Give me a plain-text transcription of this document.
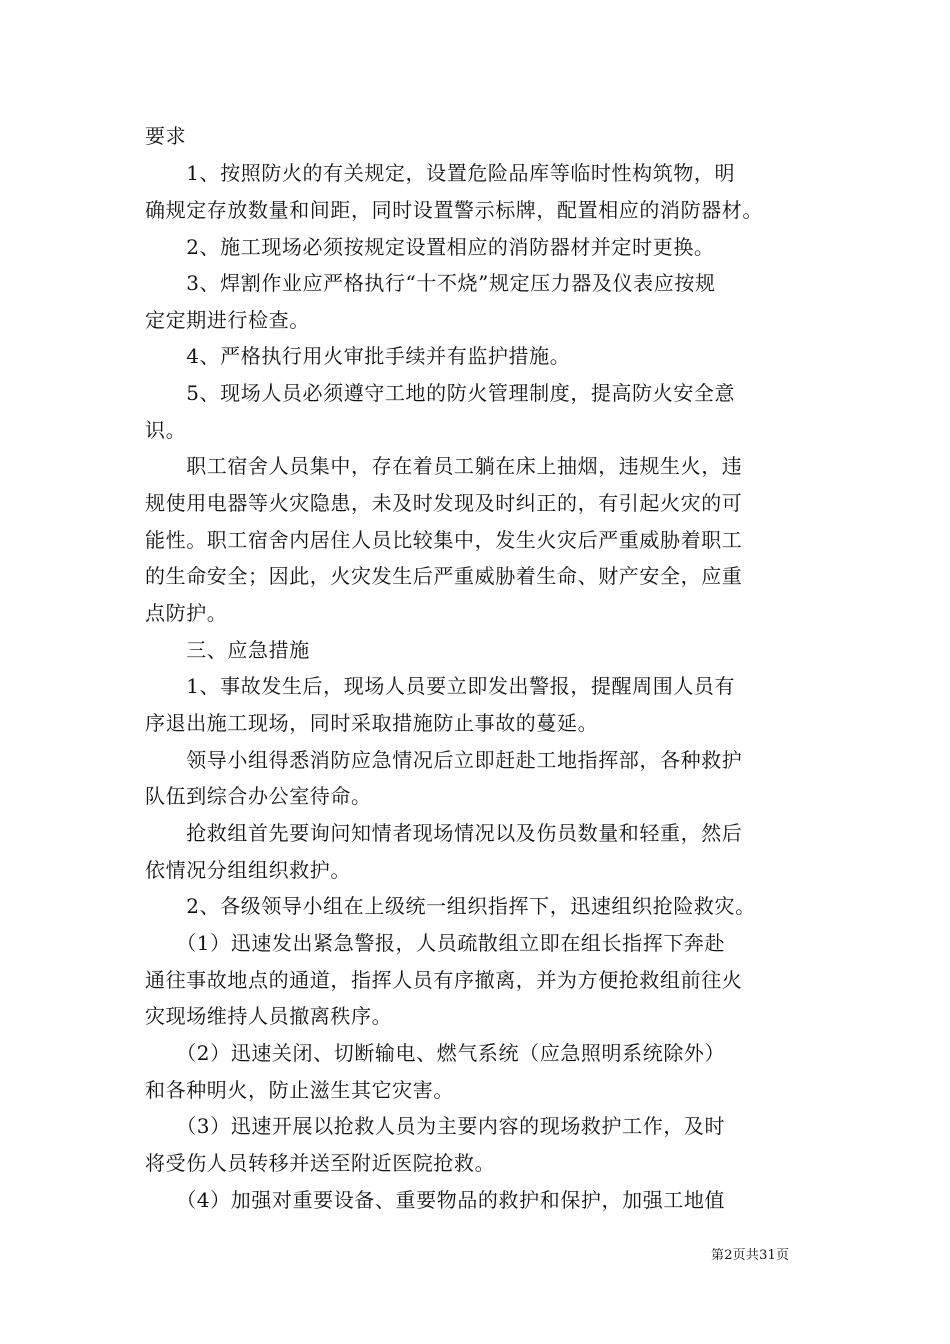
要求
　　1、按照防火的有关规定，设置危险品库等临时性构筑物，明
确规定存放数量和间距，同时设置警示标牌，配置相应的消防器材。
　　2、施工现场必须按规定设置相应的消防器材并定时更换。
　　3、焊割作业应严格执行“十不烧”规定压力器及仪表应按规
定定期进行检查。
　　4、严格执行用火审批手续并有监护措施。
　　5、现场人员必须遵守工地的防火管理制度，提高防火安全意
识。
　　职工宿舍人员集中，存在着员工躺在床上抽烟，违规生火，违
规使用电器等火灾隐患，未及时发现及时纠正的，有引起火灾的可
能性。职工宿舍内居住人员比较集中，发生火灾后严重威胁着职工
的生命安全；因此，火灾发生后严重威胁着生命、财产安全，应重
点防护。
　　三、应急措施
　　1、事故发生后，现场人员要立即发出警报，提醒周围人员有
序退出施工现场，同时采取措施防止事故的蔓延。
　　领导小组得悉消防应急情况后立即赶赴工地指挥部，各种救护
队伍到综合办公室待命。
　　抢救组首先要询问知情者现场情况以及伤员数量和轻重，然后
依情况分组组织救护。
　　2、各级领导小组在上级统一组织指挥下，迅速组织抢险救灾。
　　（1）迅速发出紧急警报，人员疏散组立即在组长指挥下奔赴
通往事故地点的通道，指挥人员有序撤离，并为方便抢救组前往火
灾现场维持人员撤离秩序。
　　（2）迅速关闭、切断输电、燃气系统（应急照明系统除外）
和各种明火，防止滋生其它灾害。
　　（3）迅速开展以抢救人员为主要内容的现场救护工作，及时
将受伤人员转移并送至附近医院抢救。
　　（4）加强对重要设备、重要物品的救护和保护，加强工地值
第2页共31页
